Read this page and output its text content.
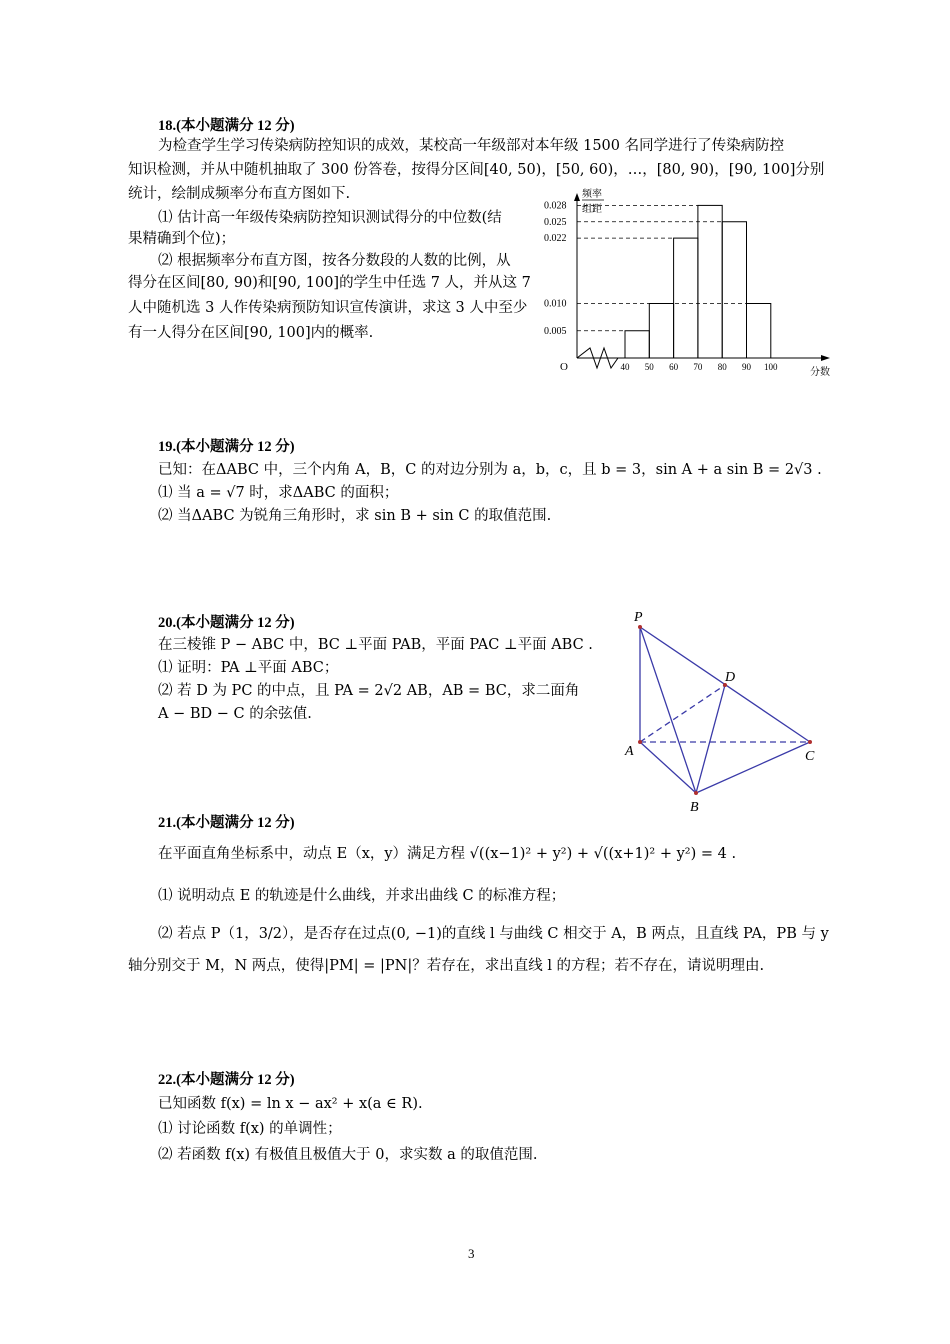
18.(本小题满分 12 分)
为检查学生学习传染病防控知识的成效，某校高一年级部对本年级 1500 名同学进行了传染病防控
知识检测，并从中随机抽取了 300 份答卷，按得分区间[40, 50)，[50, 60)，…，[80, 90)，[90, 100]分别
统计，绘制成频率分布直方图如下.
⑴ 估计高一年级传染病防控知识测试得分的中位数(结
果精确到个位)；
⑵ 根据频率分布直方图，按各分数段的人数的比例，从
得分在区间[80, 90)和[90, 100]的学生中任选 7 人，并从这 7
人中随机选 3 人作传染病预防知识宣传演讲，求这 3 人中至少
有一人得分在区间[90, 100]内的概率.
频率
组距
分数
O
0.028
0.025
0.022
0.010
0.005
40 50 60 70 80 90 100
19.(本小题满分 12 分)
已知：在ΔABC 中，三个内角 A，B，C 的对边分别为 a，b，c，且 b = 3，sin A + a sin B = 2√3 .
⑴ 当 a = √7 时，求ΔABC 的面积；
⑵ 当ΔABC 为锐角三角形时，求 sin B + sin C 的取值范围.
20.(本小题满分 12 分)
在三棱锥 P − ABC 中，BC ⊥平面 PAB，平面 PAC ⊥平面 ABC .
⑴ 证明：PA ⊥平面 ABC；
⑵ 若 D 为 PC 的中点，且 PA = 2√2 AB，AB = BC，求二面角
A − BD − C 的余弦值.
P
A
B
C
D
21.(本小题满分 12 分)
在平面直角坐标系中，动点 E（x，y）满足方程 √((x−1)² + y²) + √((x+1)² + y²) = 4 .
⑴ 说明动点 E 的轨迹是什么曲线，并求出曲线 C 的标准方程；
⑵ 若点 P（1，3/2），是否存在过点(0, −1)的直线 l 与曲线 C 相交于 A，B 两点，且直线 PA，PB 与 y
轴分别交于 M，N 两点，使得|PM| = |PN|？若存在，求出直线 l 的方程；若不存在，请说明理由.
22.(本小题满分 12 分)
已知函数 f(x) = ln x − ax² + x(a ∈ R).
⑴ 讨论函数 f(x) 的单调性；
⑵ 若函数 f(x) 有极值且极值大于 0，求实数 a 的取值范围.
3
